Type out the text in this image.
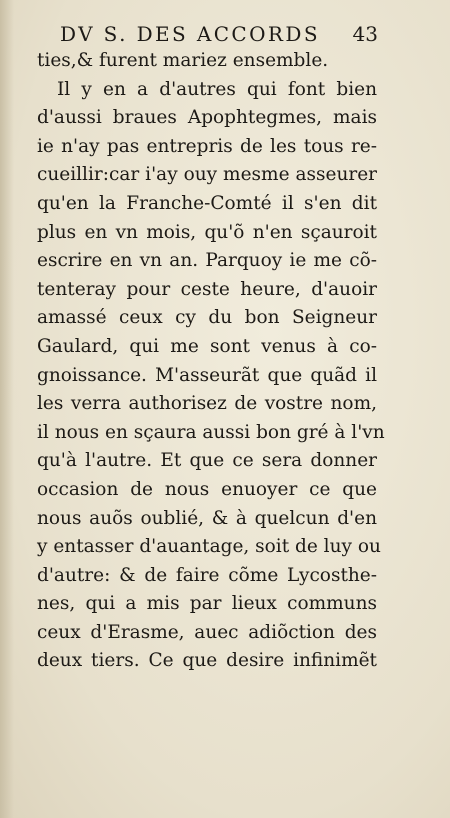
DV S. DES ACCORDS	43
ties,& furent mariez ensemble.
Il y en a d'autres qui font bien
d'aussi braues Apophtegmes, mais
ie n'ay pas entrepris de les tous re-
cueillir:car i'ay ouy mesme asseurer
qu'en la Franche-Comté il s'en dit
plus en vn mois, qu'õ n'en sçauroit
escrire en vn an. Parquoy ie me cõ-
tenteray pour ceste heure, d'auoir
amassé ceux cy du bon Seigneur
Gaulard, qui me sont venus à co-
gnoissance. M'asseurãt que quãd il
les verra authorisez de vostre nom,
il nous en sçaura aussi bon gré à l'vn
qu'à l'autre. Et que ce sera donner
occasion de nous enuoyer ce que
nous auõs oublié, & à quelcun d'en
y entasser d'auantage, soit de luy ou
d'autre: & de faire cõme Lycosthe-
nes, qui a mis par lieux communs
ceux d'Erasme, auec adiõction des
deux tiers. Ce que desire infinimẽt
